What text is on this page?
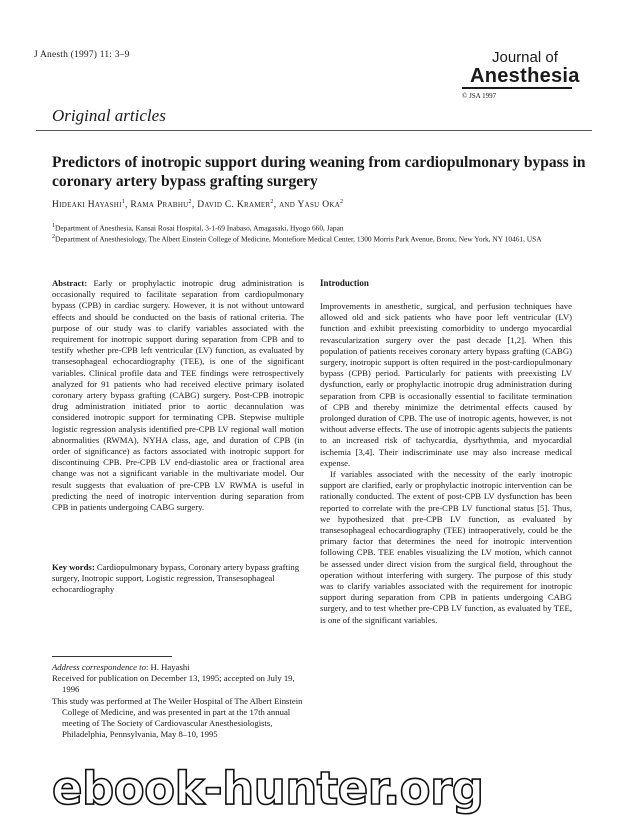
J Anesth (1997) 11: 3–9	Journal of
Anesthesia
© JSA 1997
Original articles
Predictors of inotropic support during weaning from cardiopulmonary bypass in coronary artery bypass grafting surgery
Hideaki Hayashi$^1$, Rama Prabhu$^2$, David C. Kramer$^2$, and Yasu Oka$^2$
$^1$Department of Anesthesia, Kansai Rosai Hospital, 3-1-69 Inabaso, Amagasaki, Hyogo 660, Japan
$^2$Department of Anesthesiology, The Albert Einstein College of Medicine, Montefiore Medical Center, 1300 Morris Park Avenue, Bronx, New York, NY 10461, USA
Abstract: Early or prophylactic inotropic drug administration is occasionally required to facilitate separation from cardiopulmonary bypass (CPB) in cardiac surgery. However, it is not without untoward effects and should be conducted on the basis of rational criteria. The purpose of our study was to clarify variables associated with the requirement for inotropic support during separation from CPB and to testify whether pre-CPB left ventricular (LV) function, as evaluated by transesophageal echocardiography (TEE), is one of the significant variables. Clinical profile data and TEE findings were retrospectively analyzed for 91 patients who had received elective primary isolated coronary artery bypass grafting (CABG) surgery. Post-CPB inotropic drug administration initiated prior to aortic decannulation was considered inotropic support for terminating CPB. Stepwise multiple logistic regression analysis identified pre-CPB LV regional wall motion abnormalities (RWMA), NYHA class, age, and duration of CPB (in order of significance) as factors associated with inotropic support for discontinuing CPB. Pre-CPB LV end-diastolic area or fractional area change was not a significant variable in the multivariate model. Our result suggests that evaluation of pre-CPB LV RWMA is useful in predicting the need of inotropic intervention during separation from CPB in patients undergoing CABG surgery.
Key words: Cardiopulmonary bypass, Coronary artery bypass grafting surgery, Inotropic support, Logistic regression, Transesophageal echocardiography

Address correspondence to: H. Hayashi

Received for publication on December 13, 1995; accepted on July 19, 1996

This study was performed at The Weiler Hospital of The Albert Einstein College of Medicine, and was presented in part at the 17th annual meeting of The Society of Cardiovascular Anesthesiologists, Philadelphia, Pennsylvania, May 8–10, 1995

Introduction

Improvements in anesthetic, surgical, and perfusion techniques have allowed old and sick patients who have poor left ventricular (LV) function and exhibit preexisting comorbidity to undergo myocardial revascularization surgery over the past decade [1,2]. When this population of patients receives coronary artery bypass grafting (CABG) surgery, inotropic support is often required in the post-cardiopulmonary bypass (CPB) period. Particularly for patients with preexisting LV dysfunction, early or prophylactic inotropic drug administration during separation from CPB is occasionally essential to facilitate termination of CPB and thereby minimize the detrimental effects caused by prolonged duration of CPB. The use of inotropic agents, however, is not without adverse effects. The use of inotropic agents subjects the patients to an increased risk of tachycardia, dysrhythmia, and myocardial ischemia [3,4]. Their indiscriminate use may also increase medical expense.

If variables associated with the necessity of the early inotropic support are clarified, early or prophylactic inotropic intervention can be rationally conducted. The extent of post-CPB LV dysfunction has been reported to correlate with the pre-CPB LV functional status [5]. Thus, we hypothesized that pre-CPB LV function, as evaluated by transesophageal echocardiography (TEE) intraoperatively, could be the primary factor that determines the need for inotropic intervention following CPB. TEE enables visualizing the LV motion, which cannot be assessed under direct vision from the surgical field, throughout the operation without interfering with surgery. The purpose of this study was to clarify variables associated with the requirement for inotropic support during separation from CPB in patients undergoing CABG surgery, and to test whether pre-CPB LV function, as evaluated by TEE, is one of the significant variables.

ebook-hunter.org
